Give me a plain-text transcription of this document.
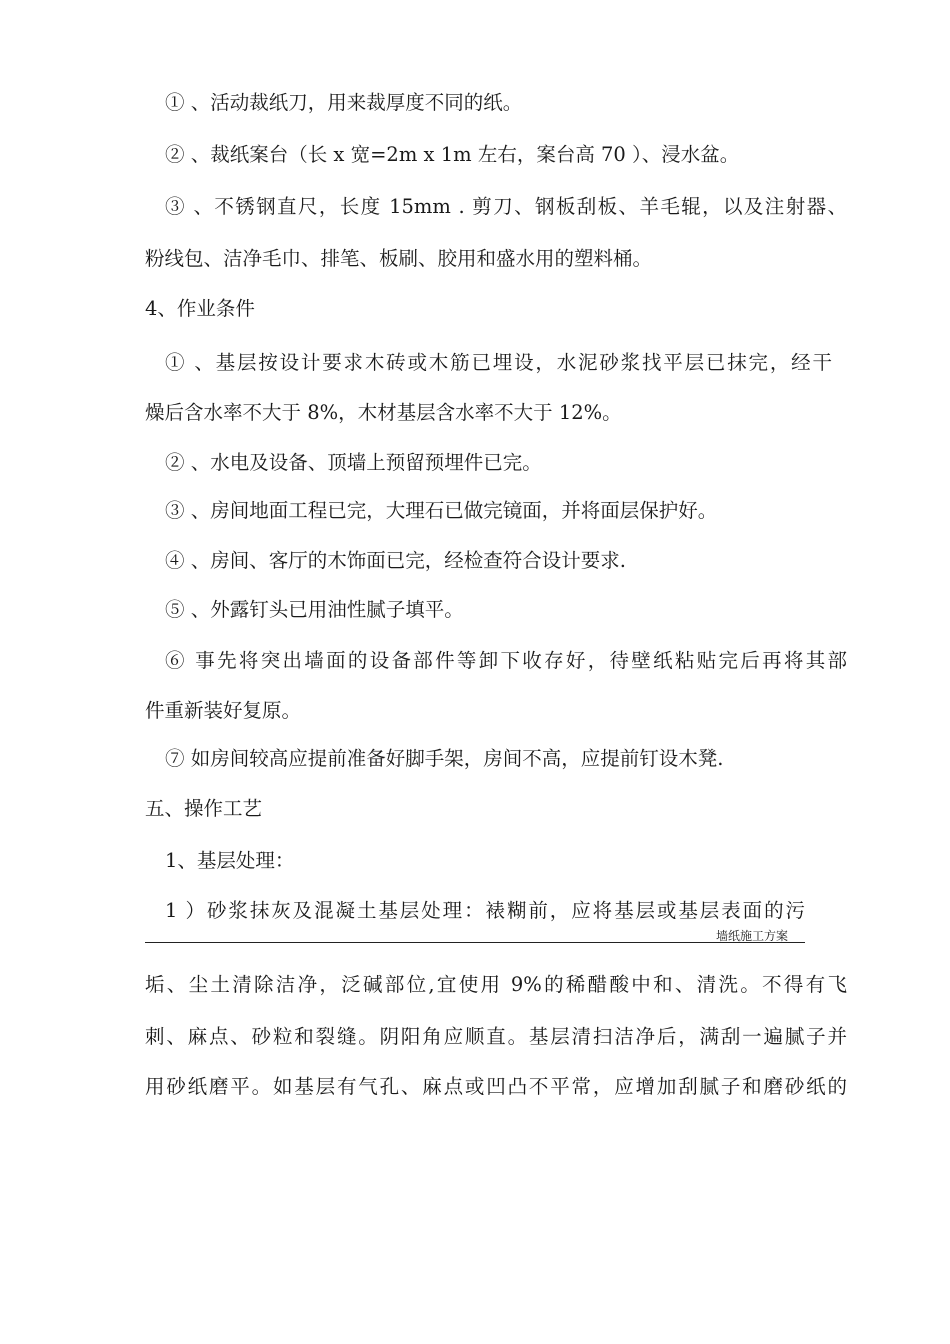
① 、活动裁纸刀，用来裁厚度不同的纸。
② 、裁纸案台（长 x 宽=2m x 1m 左右，案台高 70 ）、浸水盆。
③ 、不锈钢直尺，长度 15mm . 剪刀、钢板刮板、羊毛辊，以及注射器、
粉线包、洁净毛巾、排笔、板刷、胶用和盛水用的塑料桶。
4、作业条件
① 、基层按设计要求木砖或木筋已埋设，水泥砂浆找平层已抹完，经干
燥后含水率不大于 8%，木材基层含水率不大于 12%。
② 、水电及设备、顶墙上预留预埋件已完。
③ 、房间地面工程已完，大理石已做完镜面，并将面层保护好。
④ 、房间、客厅的木饰面已完，经检查符合设计要求.
⑤ 、外露钉头已用油性腻子填平。
⑥ 事先将突出墙面的设备部件等卸下收存好，待壁纸粘贴完后再将其部
件重新装好复原。
⑦ 如房间较高应提前准备好脚手架，房间不高，应提前钉设木凳.
五、操作工艺
1、基层处理：
1 ）砂浆抹灰及混凝土基层处理：裱糊前，应将基层或基层表面的污
墙纸施工方案
垢、尘土清除洁净，泛碱部位,宜使用 9%的稀醋酸中和、清洗。不得有飞
刺、麻点、砂粒和裂缝。阴阳角应顺直。基层清扫洁净后，满刮一遍腻子并
用砂纸磨平。如基层有气孔、麻点或凹凸不平常，应增加刮腻子和磨砂纸的
